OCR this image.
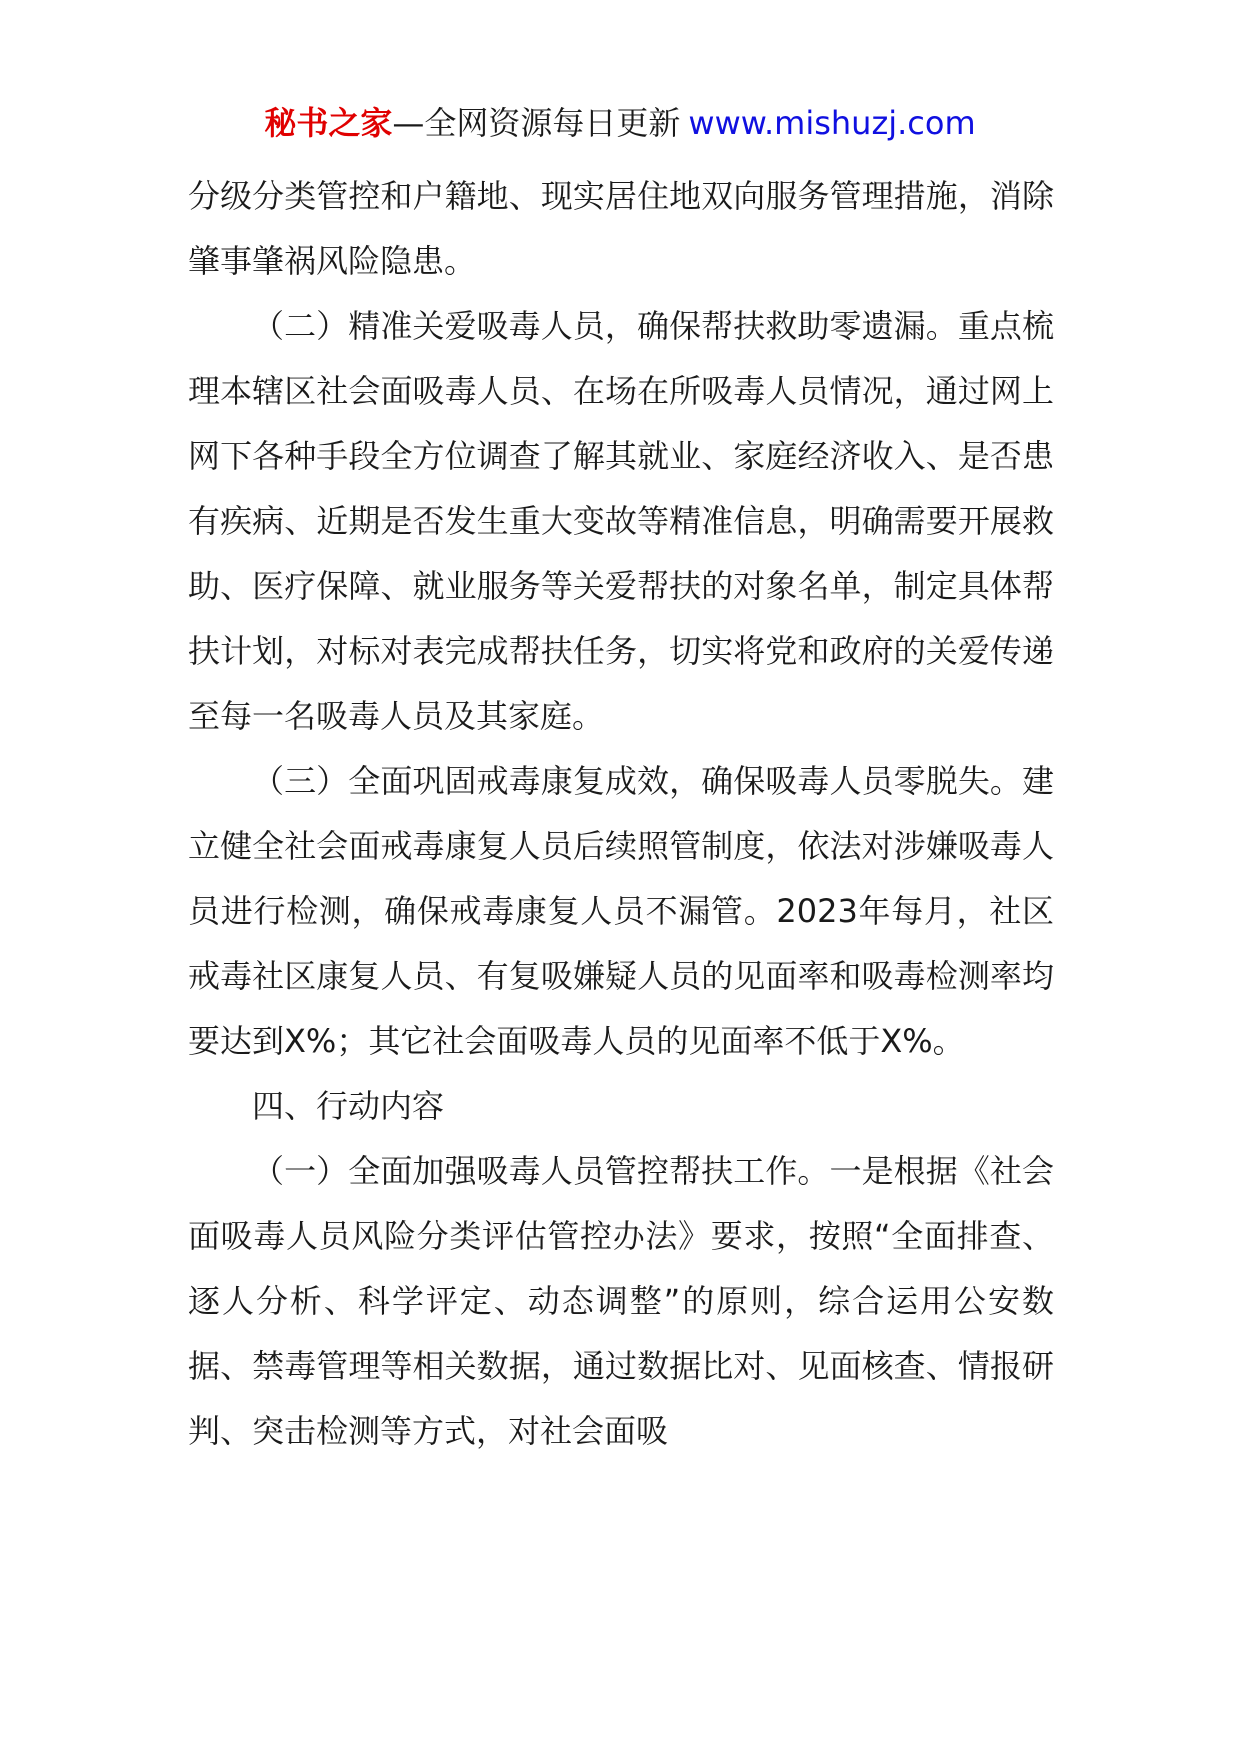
秘书之家—全网资源每日更新 www.mishuzj.com

分级分类管控和户籍地、现实居住地双向服务管理措施，消除肇事肇祸风险隐患。

（二）精准关爱吸毒人员，确保帮扶救助零遗漏。重点梳理本辖区社会面吸毒人员、在场在所吸毒人员情况，通过网上网下各种手段全方位调查了解其就业、家庭经济收入、是否患有疾病、近期是否发生重大变故等精准信息，明确需要开展救助、医疗保障、就业服务等关爱帮扶的对象名单，制定具体帮扶计划，对标对表完成帮扶任务，切实将党和政府的关爱传递至每一名吸毒人员及其家庭。

（三）全面巩固戒毒康复成效，确保吸毒人员零脱失。建立健全社会面戒毒康复人员后续照管制度，依法对涉嫌吸毒人员进行检测，确保戒毒康复人员不漏管。2023年每月，社区戒毒社区康复人员、有复吸嫌疑人员的见面率和吸毒检测率均要达到X%；其它社会面吸毒人员的见面率不低于X%。

四、行动内容

（一）全面加强吸毒人员管控帮扶工作。一是根据《社会面吸毒人员风险分类评估管控办法》要求，按照“全面排查、逐人分析、科学评定、动态调整”的原则，综合运用公安数据、禁毒管理等相关数据，通过数据比对、见面核查、情报研判、突击检测等方式，对社会面吸
